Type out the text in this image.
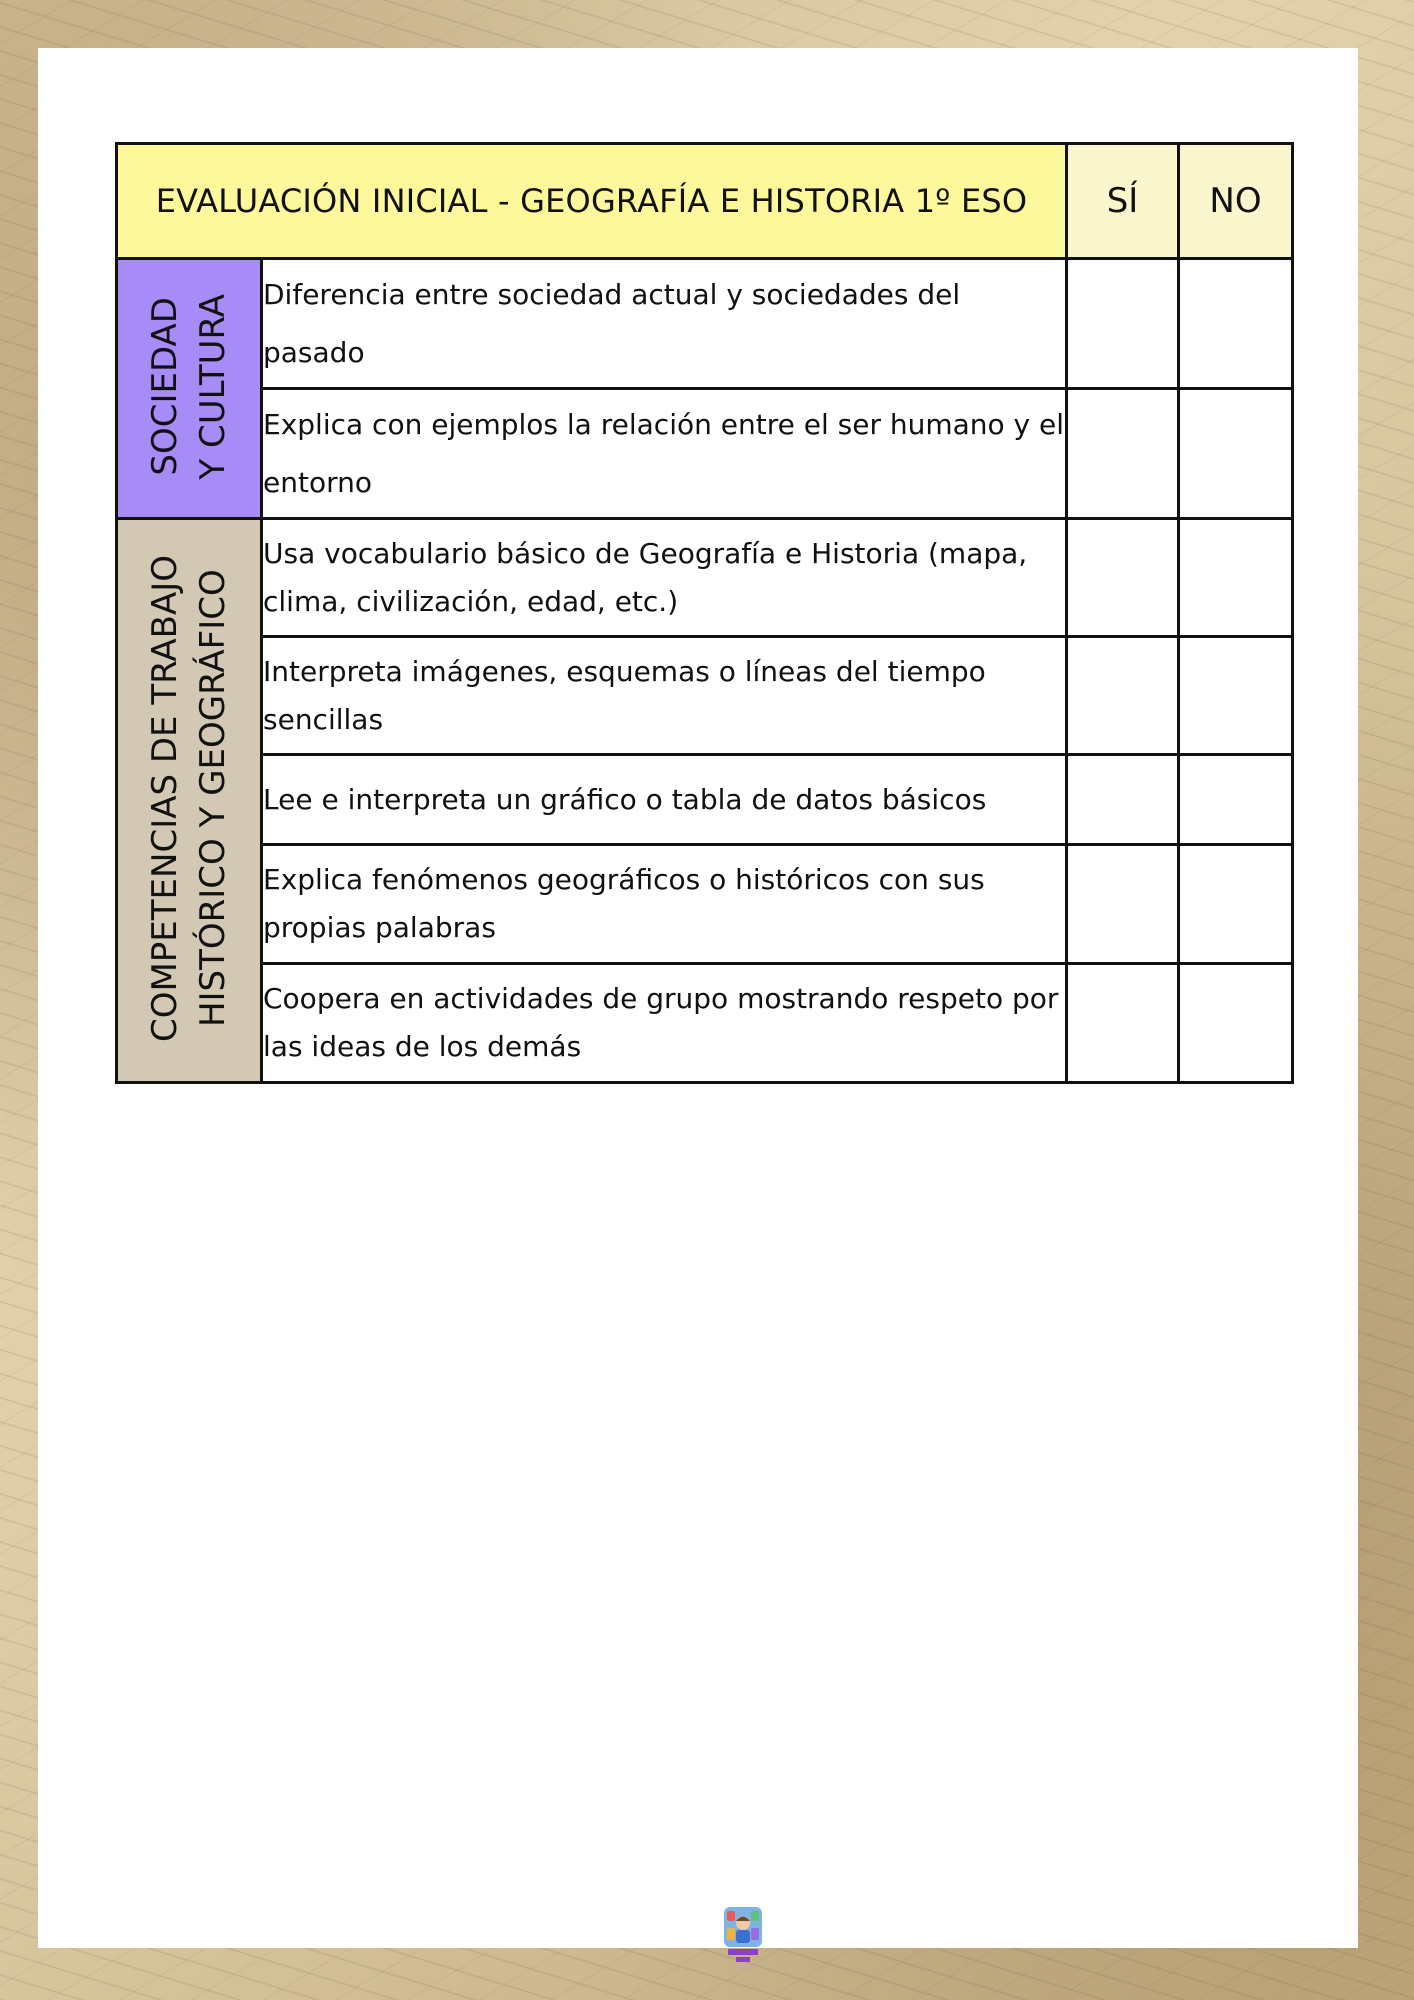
EVALUACIÓN INICIAL - GEOGRAFÍA E HISTORIA 1º ESO		SÍ	NO
SOCIEDAD Y CULTURA	Diferencia entre sociedad actual y sociedades del pasado		
	Explica con ejemplos la relación entre el ser humano y el entorno		
COMPETENCIAS DE TRABAJO HISTÓRICO Y GEOGRÁFICO	Usa vocabulario básico de Geografía e Historia (mapa, clima, civilización, edad, etc.)		
	Interpreta imágenes, esquemas o líneas del tiempo sencillas		
	Lee e interpreta un gráfico o tabla de datos básicos		
	Explica fenómenos geográficos o históricos con sus propias palabras		
	Coopera en actividades de grupo mostrando respeto por las ideas de los demás		
